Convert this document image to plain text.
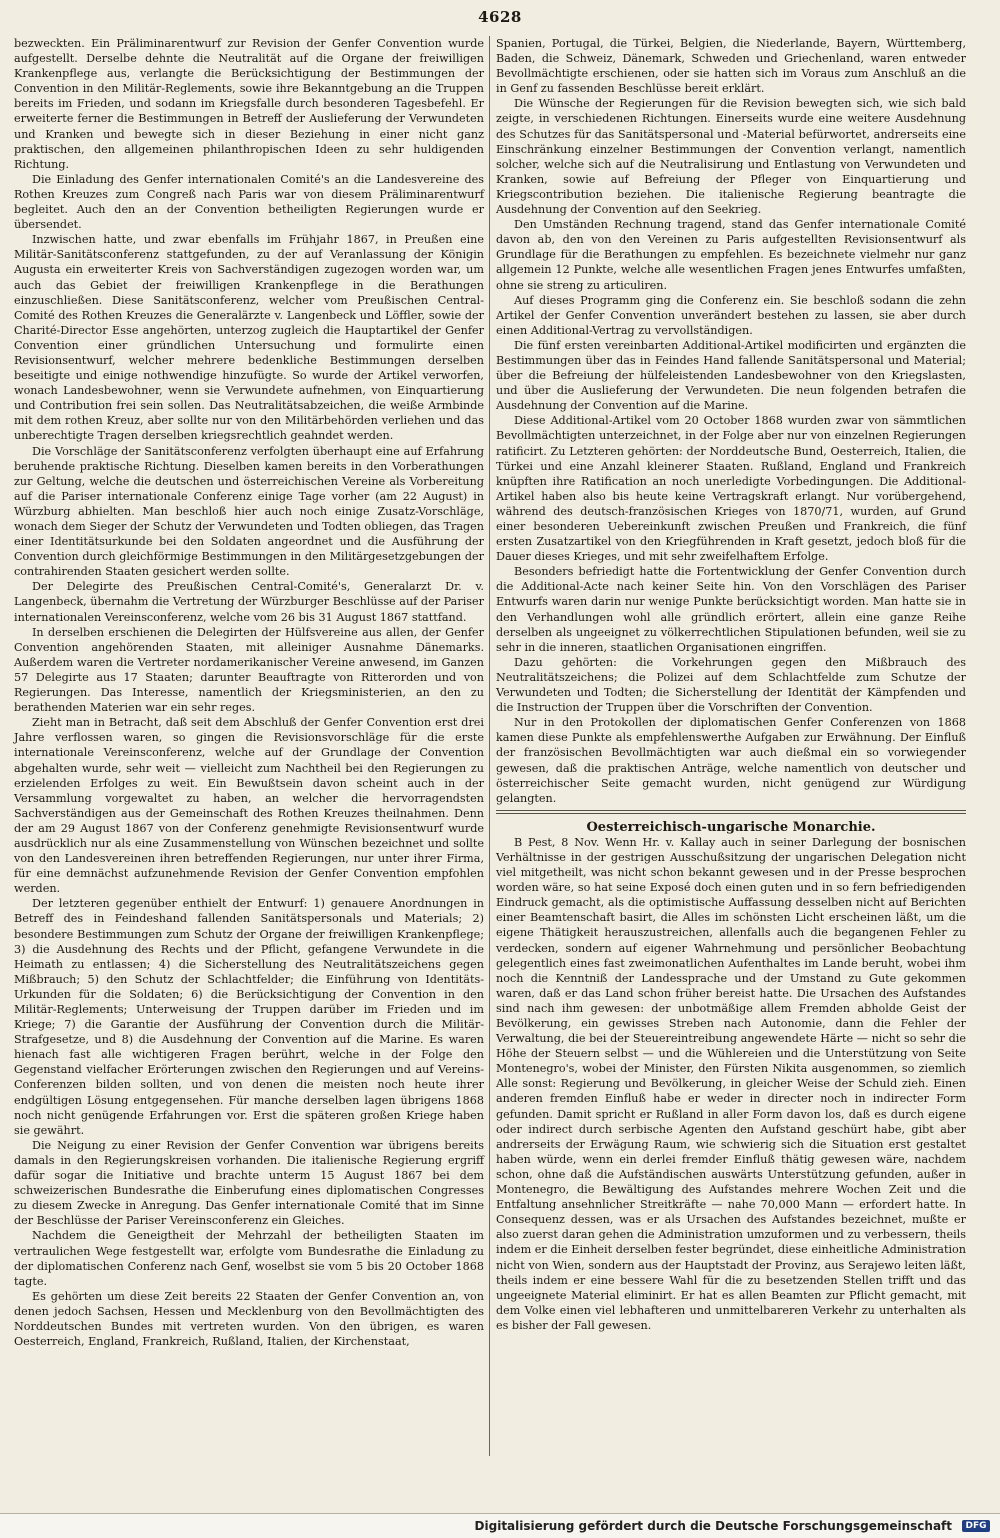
4628

bezweckten. Ein Präliminarentwurf zur Revision der Genfer Convention wurde aufgestellt. Derselbe dehnte die Neutralität auf die Organe der freiwilligen Krankenpflege aus, verlangte die Berücksichtigung der Bestimmungen der Convention in den Militär-Reglements, sowie ihre Bekanntgebung an die Truppen bereits im Frieden, und sodann im Kriegsfalle durch besonderen Tagesbefehl. Er erweiterte ferner die Bestimmungen in Betreff der Auslieferung der Verwundeten und Kranken und bewegte sich in dieser Beziehung in einer nicht ganz praktischen, den allgemeinen philanthropischen Ideen zu sehr huldigenden Richtung.

Die Einladung des Genfer internationalen Comité's an die Landesvereine des Rothen Kreuzes zum Congreß nach Paris war von diesem Präliminarentwurf begleitet. Auch den an der Convention betheiligten Regierungen wurde er übersendet.

Inzwischen hatte, und zwar ebenfalls im Frühjahr 1867, in Preußen eine Militär-Sanitätsconferenz stattgefunden, zu der auf Veranlassung der Königin Augusta ein erweiterter Kreis von Sachverständigen zugezogen worden war, um auch das Gebiet der freiwilligen Krankenpflege in die Berathungen einzuschließen. Diese Sanitätsconferenz, welcher vom Preußischen Central-Comité des Rothen Kreuzes die Generalärzte v. Langenbeck und Löffler, sowie der Charité-Director Esse angehörten, unterzog zugleich die Hauptartikel der Genfer Convention einer gründlichen Untersuchung und formulirte einen Revisionsentwurf, welcher mehrere bedenkliche Bestimmungen derselben beseitigte und einige nothwendige hinzufügte. So wurde der Artikel verworfen, wonach Landesbewohner, wenn sie Verwundete aufnehmen, von Einquartierung und Contribution frei sein sollen. Das Neutralitätsabzeichen, die weiße Armbinde mit dem rothen Kreuz, aber sollte nur von den Militärbehörden verliehen und das unberechtigte Tragen derselben kriegsrechtlich geahndet werden.

Die Vorschläge der Sanitätsconferenz verfolgten überhaupt eine auf Erfahrung beruhende praktische Richtung. Dieselben kamen bereits in den Vorberathungen zur Geltung, welche die deutschen und österreichischen Vereine als Vorbereitung auf die Pariser internationale Conferenz einige Tage vorher (am 22 August) in Würzburg abhielten. Man beschloß hier auch noch einige Zusatz-Vorschläge, wonach dem Sieger der Schutz der Verwundeten und Todten obliegen, das Tragen einer Identitätsurkunde bei den Soldaten angeordnet und die Ausführung der Convention durch gleichförmige Bestimmungen in den Militärgesetzgebungen der contrahirenden Staaten gesichert werden sollte.

Der Delegirte des Preußischen Central-Comité's, Generalarzt Dr. v. Langenbeck, übernahm die Vertretung der Würzburger Beschlüsse auf der Pariser internationalen Vereinsconferenz, welche vom 26 bis 31 August 1867 stattfand.

In derselben erschienen die Delegirten der Hülfsvereine aus allen, der Genfer Convention angehörenden Staaten, mit alleiniger Ausnahme Dänemarks. Außerdem waren die Vertreter nordamerikanischer Vereine anwesend, im Ganzen 57 Delegirte aus 17 Staaten; darunter Beauftragte von Ritterorden und von Regierungen. Das Interesse, namentlich der Kriegsministerien, an den zu berathenden Materien war ein sehr reges.

Zieht man in Betracht, daß seit dem Abschluß der Genfer Convention erst drei Jahre verflossen waren, so gingen die Revisionsvorschläge für die erste internationale Vereinsconferenz, welche auf der Grundlage der Convention abgehalten wurde, sehr weit — vielleicht zum Nachtheil bei den Regierungen zu erzielenden Erfolges zu weit. Ein Bewußtsein davon scheint auch in der Versammlung vorgewaltet zu haben, an welcher die hervorragendsten Sachverständigen aus der Gemeinschaft des Rothen Kreuzes theilnahmen. Denn der am 29 August 1867 von der Conferenz genehmigte Revisionsentwurf wurde ausdrücklich nur als eine Zusammenstellung von Wünschen bezeichnet und sollte von den Landesvereinen ihren betreffenden Regierungen, nur unter ihrer Firma, für eine demnächst aufzunehmende Revision der Genfer Convention empfohlen werden.

Der letzteren gegenüber enthielt der Entwurf: 1) genauere Anordnungen in Betreff des in Feindeshand fallenden Sanitätspersonals und Materials; 2) besondere Bestimmungen zum Schutz der Organe der freiwilligen Krankenpflege; 3) die Ausdehnung des Rechts und der Pflicht, gefangene Verwundete in die Heimath zu entlassen; 4) die Sicherstellung des Neutralitätszeichens gegen Mißbrauch; 5) den Schutz der Schlachtfelder; die Einführung von Identitäts-Urkunden für die Soldaten; 6) die Berücksichtigung der Convention in den Militär-Reglements; Unterweisung der Truppen darüber im Frieden und im Kriege; 7) die Garantie der Ausführung der Convention durch die Militär-Strafgesetze, und 8) die Ausdehnung der Convention auf die Marine. Es waren hienach fast alle wichtigeren Fragen berührt, welche in der Folge den Gegenstand vielfacher Erörterungen zwischen den Regierungen und auf Vereins-Conferenzen bilden sollten, und von denen die meisten noch heute ihrer endgültigen Lösung entgegensehen. Für manche derselben lagen übrigens 1868 noch nicht genügende Erfahrungen vor. Erst die späteren großen Kriege haben sie gewährt.

Die Neigung zu einer Revision der Genfer Convention war übrigens bereits damals in den Regierungskreisen vorhanden. Die italienische Regierung ergriff dafür sogar die Initiative und brachte unterm 15 August 1867 bei dem schweizerischen Bundesrathe die Einberufung eines diplomatischen Congresses zu diesem Zwecke in Anregung. Das Genfer internationale Comité that im Sinne der Beschlüsse der Pariser Vereinsconferenz ein Gleiches.

Nachdem die Geneigtheit der Mehrzahl der betheiligten Staaten im vertraulichen Wege festgestellt war, erfolgte vom Bundesrathe die Einladung zu der diplomatischen Conferenz nach Genf, woselbst sie vom 5 bis 20 October 1868 tagte.

Es gehörten um diese Zeit bereits 22 Staaten der Genfer Convention an, von denen jedoch Sachsen, Hessen und Mecklenburg von den Bevollmächtigten des Norddeutschen Bundes mit vertreten wurden. Von den übrigen, es waren Oesterreich, England, Frankreich, Rußland, Italien, der Kirchenstaat,

Spanien, Portugal, die Türkei, Belgien, die Niederlande, Bayern, Württemberg, Baden, die Schweiz, Dänemark, Schweden und Griechenland, waren entweder Bevollmächtigte erschienen, oder sie hatten sich im Voraus zum Anschluß an die in Genf zu fassenden Beschlüsse bereit erklärt.

Die Wünsche der Regierungen für die Revision bewegten sich, wie sich bald zeigte, in verschiedenen Richtungen. Einerseits wurde eine weitere Ausdehnung des Schutzes für das Sanitätspersonal und -Material befürwortet, andrerseits eine Einschränkung einzelner Bestimmungen der Convention verlangt, namentlich solcher, welche sich auf die Neutralisirung und Entlastung von Verwundeten und Kranken, sowie auf Befreiung der Pfleger von Einquartierung und Kriegscontribution beziehen. Die italienische Regierung beantragte die Ausdehnung der Convention auf den Seekrieg.

Den Umständen Rechnung tragend, stand das Genfer internationale Comité davon ab, den von den Vereinen zu Paris aufgestellten Revisionsentwurf als Grundlage für die Berathungen zu empfehlen. Es bezeichnete vielmehr nur ganz allgemein 12 Punkte, welche alle wesentlichen Fragen jenes Entwurfes umfaßten, ohne sie streng zu articuliren.

Auf dieses Programm ging die Conferenz ein. Sie beschloß sodann die zehn Artikel der Genfer Convention unverändert bestehen zu lassen, sie aber durch einen Additional-Vertrag zu vervollständigen.

Die fünf ersten vereinbarten Additional-Artikel modificirten und ergänzten die Bestimmungen über das in Feindes Hand fallende Sanitätspersonal und Material; über die Befreiung der hülfeleistenden Landesbewohner von den Kriegslasten, und über die Auslieferung der Verwundeten. Die neun folgenden betrafen die Ausdehnung der Convention auf die Marine.

Diese Additional-Artikel vom 20 October 1868 wurden zwar von sämmtlichen Bevollmächtigten unterzeichnet, in der Folge aber nur von einzelnen Regierungen ratificirt. Zu Letzteren gehörten: der Norddeutsche Bund, Oesterreich, Italien, die Türkei und eine Anzahl kleinerer Staaten. Rußland, England und Frankreich knüpften ihre Ratification an noch unerledigte Vorbedingungen. Die Additional-Artikel haben also bis heute keine Vertragskraft erlangt. Nur vorübergehend, während des deutsch-französischen Krieges von 1870/71, wurden, auf Grund einer besonderen Uebereinkunft zwischen Preußen und Frankreich, die fünf ersten Zusatzartikel von den Kriegführenden in Kraft gesetzt, jedoch bloß für die Dauer dieses Krieges, und mit sehr zweifelhaftem Erfolge.

Besonders befriedigt hatte die Fortentwicklung der Genfer Convention durch die Additional-Acte nach keiner Seite hin. Von den Vorschlägen des Pariser Entwurfs waren darin nur wenige Punkte berücksichtigt worden. Man hatte sie in den Verhandlungen wohl alle gründlich erörtert, allein eine ganze Reihe derselben als ungeeignet zu völkerrechtlichen Stipulationen befunden, weil sie zu sehr in die inneren, staatlichen Organisationen eingriffen.

Dazu gehörten: die Vorkehrungen gegen den Mißbrauch des Neutralitätszeichens; die Polizei auf dem Schlachtfelde zum Schutze der Verwundeten und Todten; die Sicherstellung der Identität der Kämpfenden und die Instruction der Truppen über die Vorschriften der Convention.

Nur in den Protokollen der diplomatischen Genfer Conferenzen von 1868 kamen diese Punkte als empfehlenswerthe Aufgaben zur Erwähnung. Der Einfluß der französischen Bevollmächtigten war auch dießmal ein so vorwiegender gewesen, daß die praktischen Anträge, welche namentlich von deutscher und österreichischer Seite gemacht wurden, nicht genügend zur Würdigung gelangten.

Oesterreichisch-ungarische Monarchie.

B Pest, 8 Nov. Wenn Hr. v. Kallay auch in seiner Darlegung der bosnischen Verhältnisse in der gestrigen Ausschußsitzung der ungarischen Delegation nicht viel mitgetheilt, was nicht schon bekannt gewesen und in der Presse besprochen worden wäre, so hat seine Exposé doch einen guten und in so fern befriedigenden Eindruck gemacht, als die optimistische Auffassung desselben nicht auf Berichten einer Beamtenschaft basirt, die Alles im schönsten Licht erscheinen läßt, um die eigene Thätigkeit herauszustreichen, allenfalls auch die begangenen Fehler zu verdecken, sondern auf eigener Wahrnehmung und persönlicher Beobachtung gelegentlich eines fast zweimonatlichen Aufenthaltes im Lande beruht, wobei ihm noch die Kenntniß der Landessprache und der Umstand zu Gute gekommen waren, daß er das Land schon früher bereist hatte. Die Ursachen des Aufstandes sind nach ihm gewesen: der unbotmäßige allem Fremden abholde Geist der Bevölkerung, ein gewisses Streben nach Autonomie, dann die Fehler der Verwaltung, die bei der Steuereintreibung angewendete Härte — nicht so sehr die Höhe der Steuern selbst — und die Wühlereien und die Unterstützung von Seite Montenegro's, wobei der Minister, den Fürsten Nikita ausgenommen, so ziemlich Alle sonst: Regierung und Bevölkerung, in gleicher Weise der Schuld zieh. Einen anderen fremden Einfluß habe er weder in directer noch in indirecter Form gefunden. Damit spricht er Rußland in aller Form davon los, daß es durch eigene oder indirect durch serbische Agenten den Aufstand geschürt habe, gibt aber andrerseits der Erwägung Raum, wie schwierig sich die Situation erst gestaltet haben würde, wenn ein derlei fremder Einfluß thätig gewesen wäre, nachdem schon, ohne daß die Aufständischen auswärts Unterstützung gefunden, außer in Montenegro, die Bewältigung des Aufstandes mehrere Wochen Zeit und die Entfaltung ansehnlicher Streitkräfte — nahe 70,000 Mann — erfordert hatte. In Consequenz dessen, was er als Ursachen des Aufstandes bezeichnet, mußte er also zuerst daran gehen die Administration umzuformen und zu verbessern, theils indem er die Einheit derselben fester begründet, diese einheitliche Administration nicht von Wien, sondern aus der Hauptstadt der Provinz, aus Serajewo leiten läßt, theils indem er eine bessere Wahl für die zu besetzenden Stellen trifft und das ungeeignete Material eliminirt. Er hat es allen Beamten zur Pflicht gemacht, mit dem Volke einen viel lebhafteren und unmittelbareren Verkehr zu unterhalten als es bisher der Fall gewesen.

Digitalisierung gefördert durch die Deutsche Forschungsgemeinschaft	DFG
